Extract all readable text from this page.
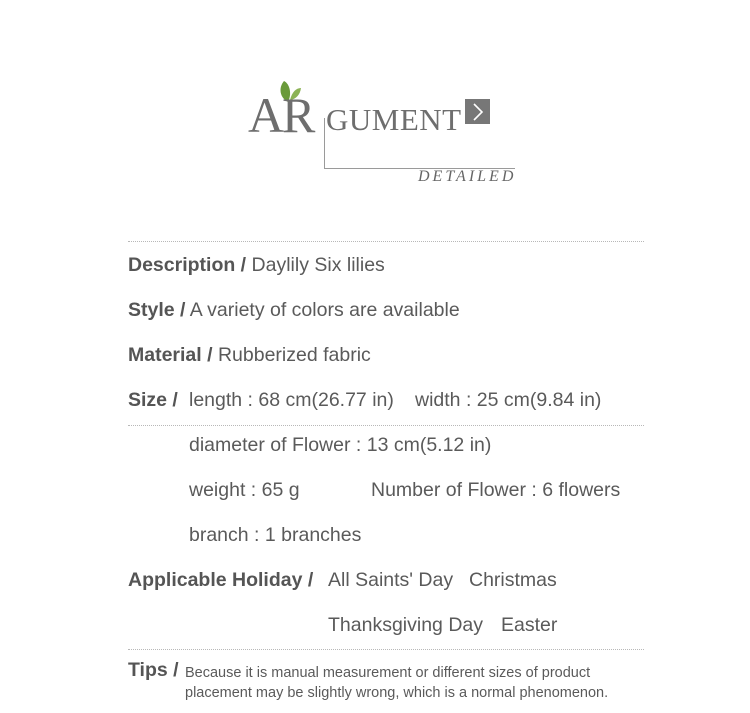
A
R GUMENT
DETAILED
Description / Daylily Six lilies
Style / A variety of colors are available
Material / Rubberized fabric
Size / length : 68 cm(26.77 in) width : 25 cm(9.84 in)
diameter of Flower : 13 cm(5.12 in)
weight : 65 g	Number of Flower : 6 flowers
branch : 1 branches
Applicable Holiday / All Saints' Day Christmas
Thanksgiving Day Easter
Tips / Because it is manual measurement or different sizes of product
placement may be slightly wrong, which is a normal phenomenon.
